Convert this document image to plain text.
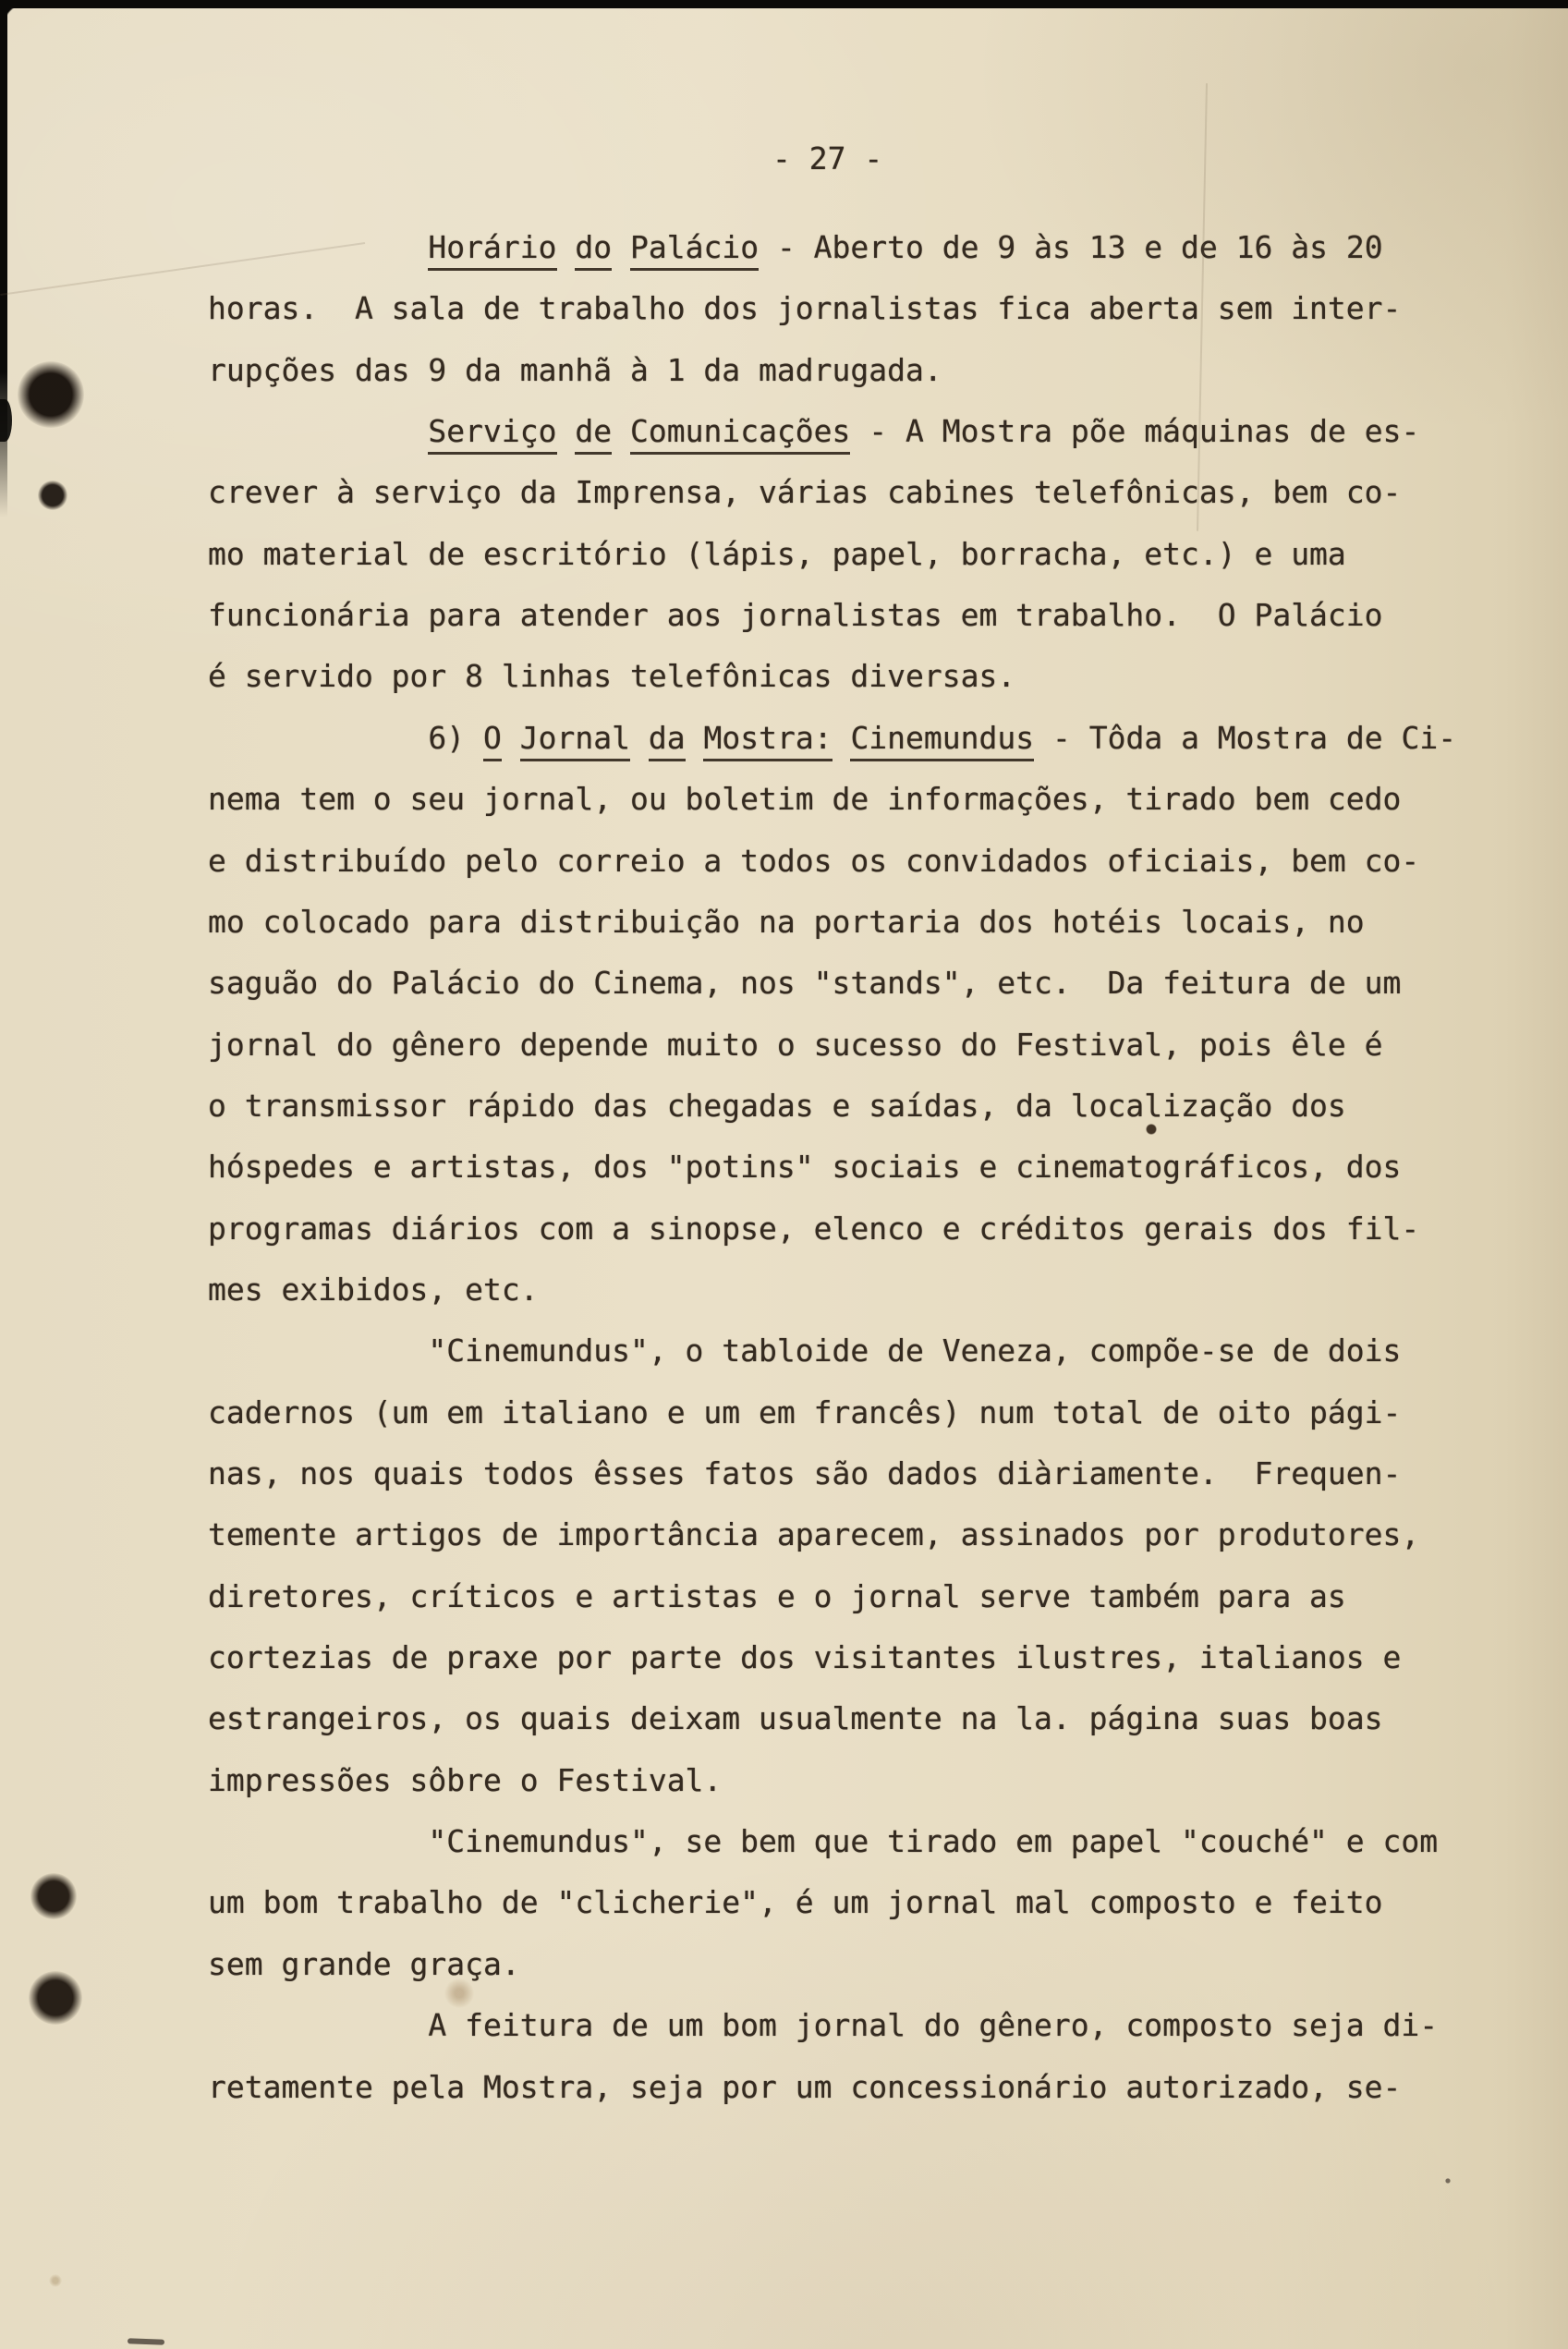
- 27 -
Horário do Palácio - Aberto de 9 às 13 e de 16 às 20
horas.  A sala de trabalho dos jornalistas fica aberta sem inter-
rupções das 9 da manhã à 1 da madrugada.
Serviço de Comunicações - A Mostra põe máquinas de es-
crever à serviço da Imprensa, várias cabines telefônicas, bem co-
mo material de escritório (lápis, papel, borracha, etc.) e uma
funcionária para atender aos jornalistas em trabalho.  O Palácio
é servido por 8 linhas telefônicas diversas.
6) O Jornal da Mostra: Cinemundus - Tôda a Mostra de Ci-
nema tem o seu jornal, ou boletim de informações, tirado bem cedo
e distribuído pelo correio a todos os convidados oficiais, bem co-
mo colocado para distribuição na portaria dos hotéis locais, no
saguão do Palácio do Cinema, nos "stands", etc.  Da feitura de um
jornal do gênero depende muito o sucesso do Festival, pois êle é
o transmissor rápido das chegadas e saídas, da localização dos
hóspedes e artistas, dos "potins" sociais e cinematográficos, dos
programas diários com a sinopse, elenco e créditos gerais dos fil-
mes exibidos, etc.
"Cinemundus", o tabloide de Veneza, compõe-se de dois
cadernos (um em italiano e um em francês) num total de oito pági-
nas, nos quais todos êsses fatos são dados diàriamente.  Frequen-
temente artigos de importância aparecem, assinados por produtores,
diretores, críticos e artistas e o jornal serve também para as
cortezias de praxe por parte dos visitantes ilustres, italianos e
estrangeiros, os quais deixam usualmente na la. página suas boas
impressões sôbre o Festival.
"Cinemundus", se bem que tirado em papel "couché" e com
um bom trabalho de "clicherie", é um jornal mal composto e feito
sem grande graça.
A feitura de um bom jornal do gênero, composto seja di-
retamente pela Mostra, seja por um concessionário autorizado, se-
